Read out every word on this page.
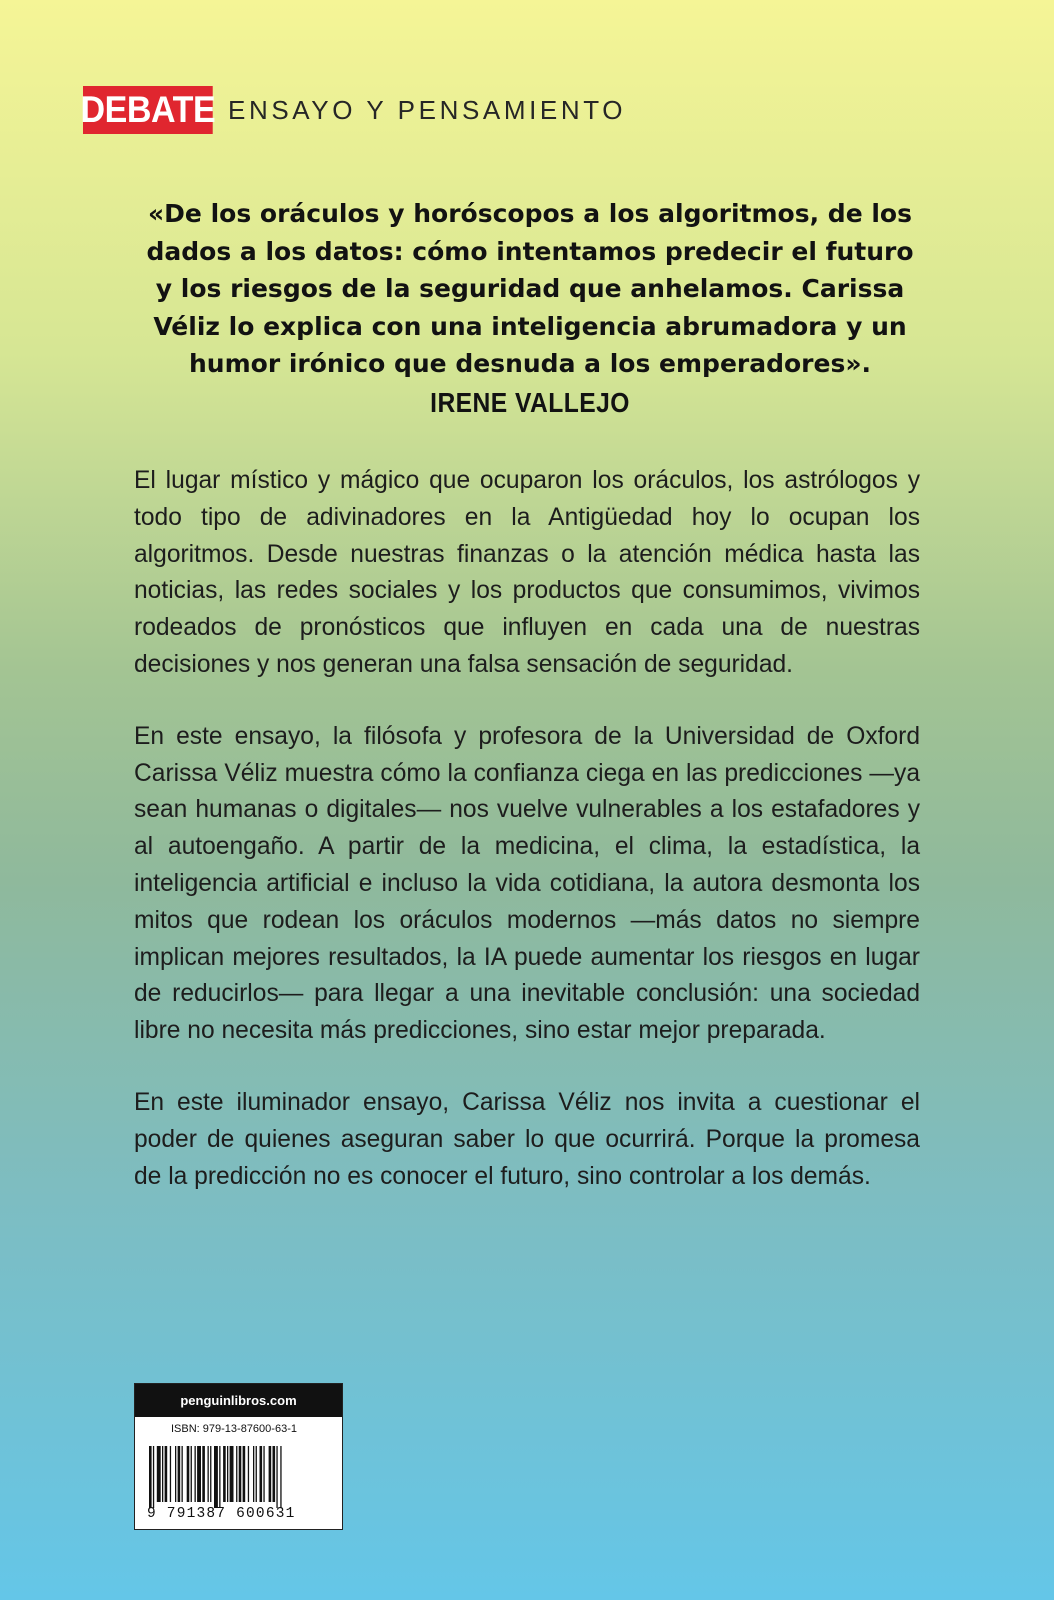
DEBATE ENSAYO Y PENSAMIENTO

«De los oráculos y horóscopos a los algoritmos, de los dados a los datos: cómo intentamos predecir el futuro y los riesgos de la seguridad que anhelamos. Carissa Véliz lo explica con una inteligencia abrumadora y un humor irónico que desnuda a los emperadores».

IRENE VALLEJO

El lugar místico y mágico que ocuparon los oráculos, los astrólogos y todo tipo de adivinadores en la Antigüedad hoy lo ocupan los algoritmos. Desde nuestras finanzas o la atención médica hasta las noticias, las redes sociales y los productos que consumimos, vivimos rodeados de pronósticos que influyen en cada una de nuestras decisiones y nos generan una falsa sensación de seguridad.

En este ensayo, la filósofa y profesora de la Universidad de Oxford Carissa Véliz muestra cómo la confianza ciega en las predicciones —ya sean humanas o digitales— nos vuelve vulnerables a los estafadores y al autoengaño. A partir de la medicina, el clima, la estadística, la inteligencia artificial e incluso la vida cotidiana, la autora desmonta los mitos que rodean los oráculos modernos —más datos no siempre implican mejores resultados, la IA puede aumentar los riesgos en lugar de reducirlos— para llegar a una inevitable conclusión: una sociedad libre no necesita más predicciones, sino estar mejor preparada.

En este iluminador ensayo, Carissa Véliz nos invita a cuestionar el poder de quienes aseguran saber lo que ocurrirá. Porque la promesa de la predicción no es conocer el futuro, sino controlar a los demás.

penguinlibros.com
ISBN: 979-13-87600-63-1
9 791387 600631
